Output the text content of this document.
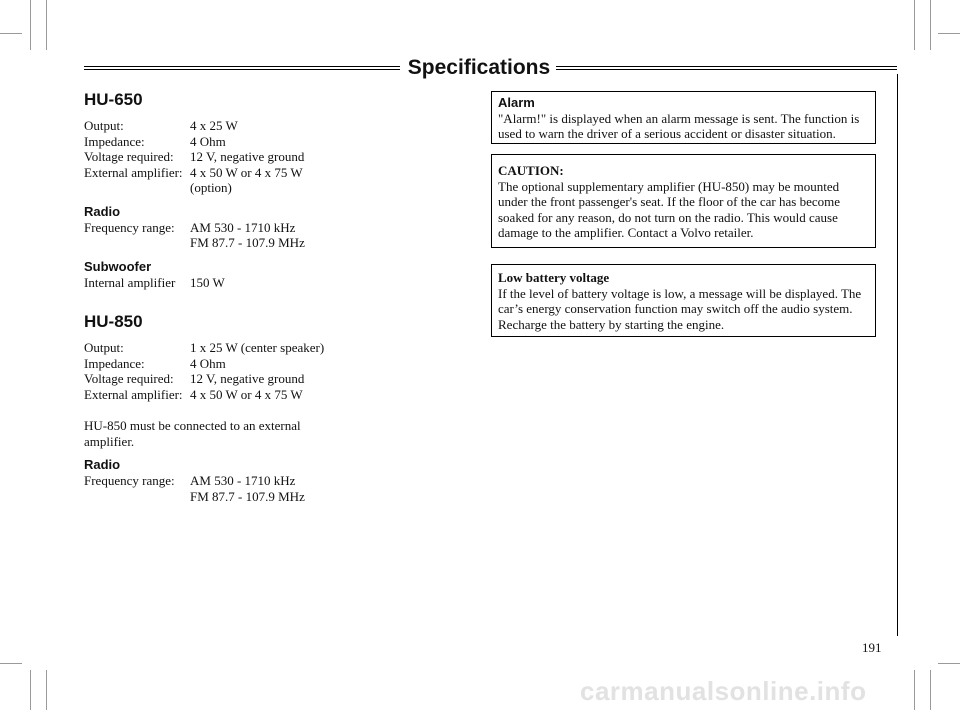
Specifications
HU-650
Output:	4 x 25 W
Impedance:	4 Ohm
Voltage required:	12 V, negative ground
External amplifier: 4 x 50 W or 4 x 75 W
(option)
Radio
Frequency range:	AM 530 - 1710 kHz
FM 87.7 - 107.9 MHz
Subwoofer
Internal amplifier	150 W
HU-850
Output:	1 x 25 W (center speaker)
Impedance:	4 Ohm
Voltage required:	12 V, negative ground
External amplifier: 4 x 50 W or 4 x 75 W
HU-850 must be connected to an external amplifier.
Radio
Frequency range:	AM 530 - 1710 kHz
FM 87.7 - 107.9 MHz
Alarm
"Alarm!" is displayed when an alarm message is sent. The function is used to warn the driver of a serious accident or disaster situation.
CAUTION:
The optional supplementary amplifier (HU-850) may be mounted under the front passenger's seat. If the floor of the car has become soaked for any reason, do not turn on the radio. This would cause damage to the amplifier. Contact a Volvo retailer.
Low battery voltage
If the level of battery voltage is low, a message will be displayed. The car’s energy conservation function may switch off the audio system. Recharge the battery by starting the engine.
191
carmanualsonline.info
